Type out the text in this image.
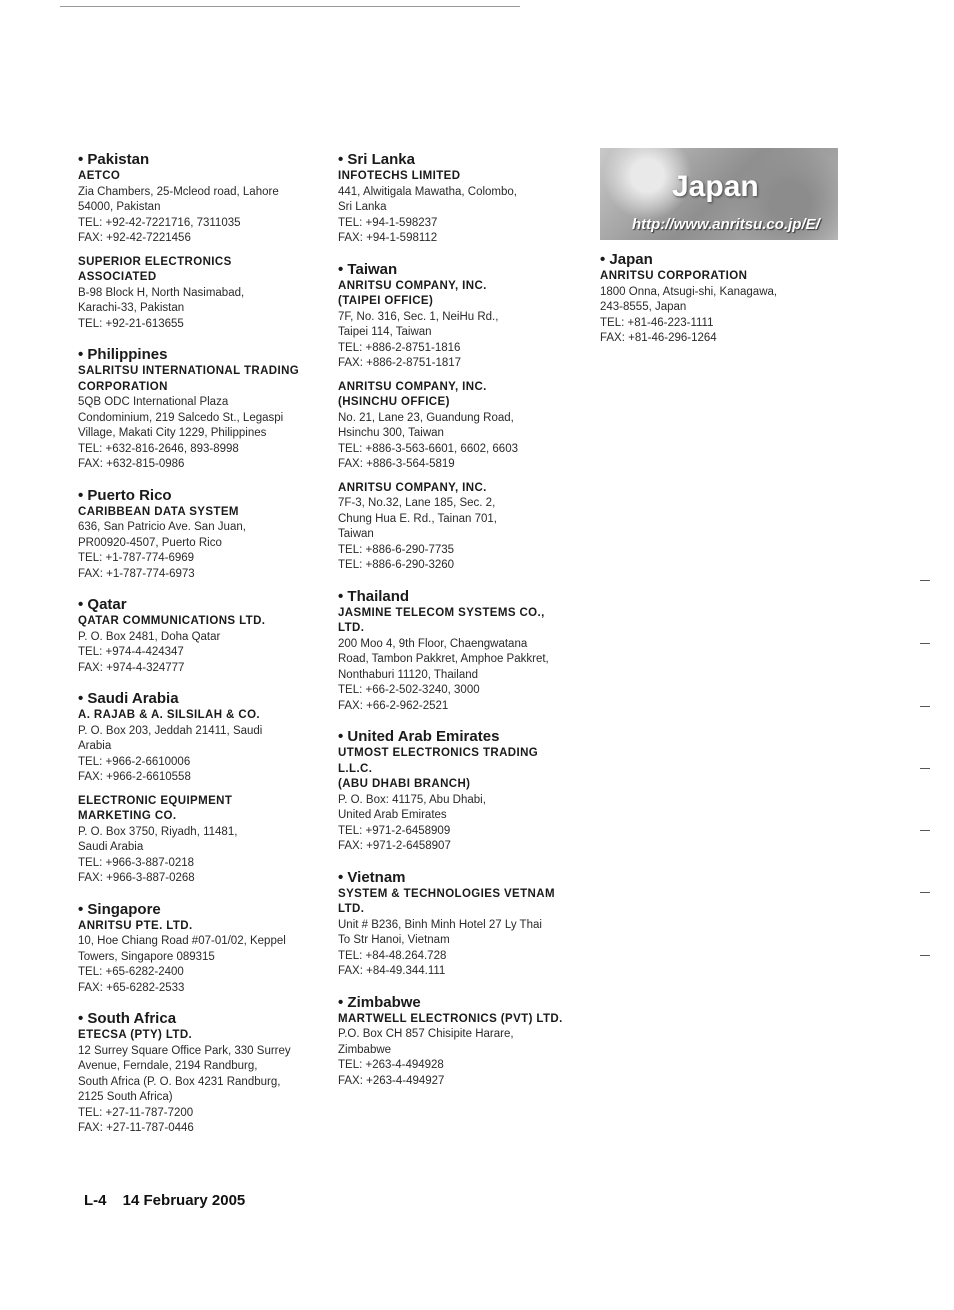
Japan
http://www.anritsu.co.jp/E/
• Pakistan
AETCO
Zia Chambers, 25-Mcleod road, Lahore
54000, Pakistan
TEL: +92-42-7221716, 7311035
FAX: +92-42-7221456
SUPERIOR ELECTRONICS
ASSOCIATED
B-98 Block H, North Nasimabad,
Karachi-33, Pakistan
TEL: +92-21-613655
• Philippines
SALRITSU INTERNATIONAL TRADING
CORPORATION
5QB ODC International Plaza
Condominium, 219 Salcedo St., Legaspi
Village, Makati City 1229, Philippines
TEL: +632-816-2646, 893-8998
FAX: +632-815-0986
• Puerto Rico
CARIBBEAN DATA SYSTEM
636, San Patricio Ave. San Juan,
PR00920-4507, Puerto Rico
TEL: +1-787-774-6969
FAX: +1-787-774-6973
• Qatar
QATAR COMMUNICATIONS LTD.
P. O. Box 2481, Doha Qatar
TEL: +974-4-424347
FAX: +974-4-324777
• Saudi Arabia
A. RAJAB & A. SILSILAH & CO.
P. O. Box 203, Jeddah 21411, Saudi
Arabia
TEL: +966-2-6610006
FAX: +966-2-6610558
ELECTRONIC EQUIPMENT
MARKETING CO.
P. O. Box 3750, Riyadh, 11481,
Saudi Arabia
TEL: +966-3-887-0218
FAX: +966-3-887-0268
• Singapore
ANRITSU PTE. LTD.
10, Hoe Chiang Road #07-01/02, Keppel
Towers, Singapore 089315
TEL: +65-6282-2400
FAX: +65-6282-2533
• South Africa
ETECSA (PTY) LTD.
12 Surrey Square Office Park, 330 Surrey
Avenue, Ferndale, 2194 Randburg,
South Africa (P. O. Box 4231 Randburg,
2125 South Africa)
TEL: +27-11-787-7200
FAX: +27-11-787-0446
• Sri Lanka
INFOTECHS LIMITED
441, Alwitigala Mawatha, Colombo,
Sri Lanka
TEL: +94-1-598237
FAX: +94-1-598112
• Taiwan
ANRITSU COMPANY, INC.
(TAIPEI OFFICE)
7F, No. 316, Sec. 1, NeiHu Rd.,
Taipei 114, Taiwan
TEL: +886-2-8751-1816
FAX: +886-2-8751-1817
ANRITSU COMPANY, INC.
(HSINCHU OFFICE)
No. 21, Lane 23, Guandung Road,
Hsinchu 300, Taiwan
TEL: +886-3-563-6601, 6602, 6603
FAX: +886-3-564-5819
ANRITSU COMPANY, INC.
7F-3, No.32, Lane 185, Sec. 2,
Chung Hua E. Rd., Tainan 701,
Taiwan
TEL: +886-6-290-7735
TEL: +886-6-290-3260
• Thailand
JASMINE TELECOM SYSTEMS CO.,
LTD.
200 Moo 4, 9th Floor, Chaengwatana
Road, Tambon Pakkret, Amphoe Pakkret,
Nonthaburi 11120, Thailand
TEL: +66-2-502-3240, 3000
FAX: +66-2-962-2521
• United Arab Emirates
UTMOST ELECTRONICS TRADING
L.L.C.
(ABU DHABI BRANCH)
P. O. Box: 41175, Abu Dhabi,
United Arab Emirates
TEL: +971-2-6458909
FAX: +971-2-6458907
• Vietnam
SYSTEM & TECHNOLOGIES VETNAM
LTD.
Unit # B236, Binh Minh Hotel 27 Ly Thai
To Str Hanoi, Vietnam
TEL: +84-48.264.728
FAX: +84-49.344.111
• Zimbabwe
MARTWELL ELECTRONICS (PVT) LTD.
P.O. Box CH 857 Chisipite Harare,
Zimbabwe
TEL: +263-4-494928
FAX: +263-4-494927
• Japan
ANRITSU CORPORATION
1800 Onna, Atsugi-shi, Kanagawa,
243-8555, Japan
TEL: +81-46-223-1111
FAX: +81-46-296-1264
L-4 14 February 2005
